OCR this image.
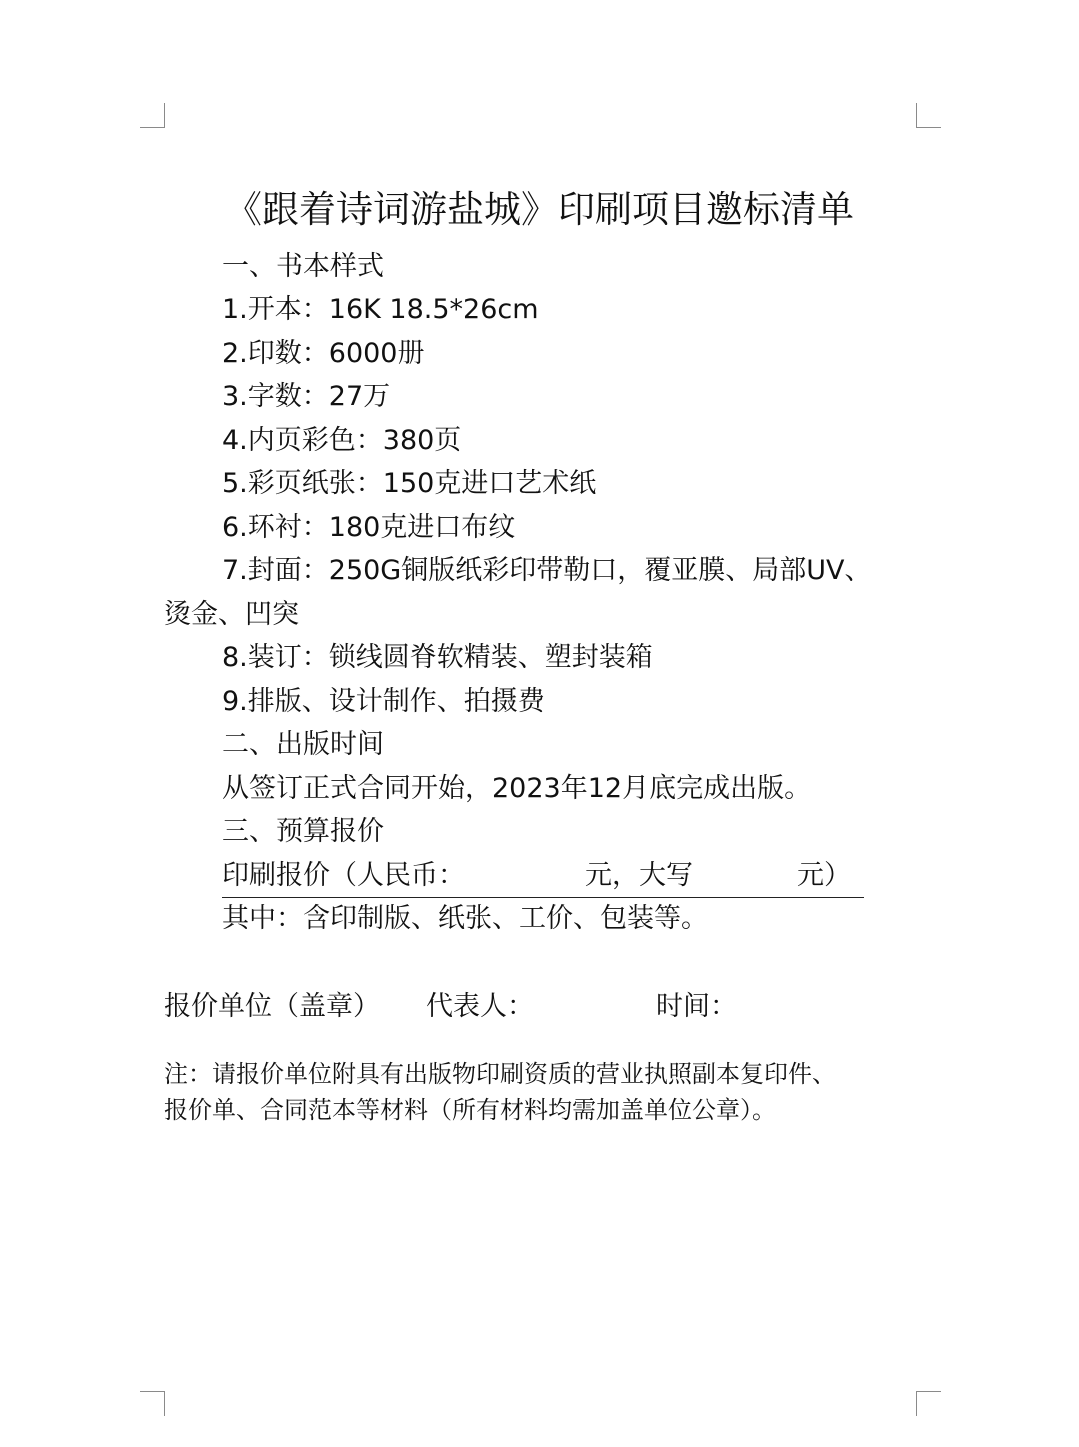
《跟着诗词游盐城》印刷项目邀标清单
一、书本样式
1.开本：16K 18.5*26cm
2.印数：6000册
3.字数：27万
4.内页彩色：380页
5.彩页纸张：150克进口艺术纸
6.环衬：180克进口布纹
7.封面：250G铜版纸彩印带勒口，覆亚膜、局部UV、
烫金、凹突
8.装订：锁线圆脊软精装、塑封装箱
9.排版、设计制作、拍摄费
二、出版时间
从签订正式合同开始，2023年12月底完成出版。
三、预算报价
印刷报价（人民币：	元，大写	元）
其中：含印制版、纸张、工价、包装等。
报价单位（盖章） 代表人：	时间：
注：请报价单位附具有出版物印刷资质的营业执照副本复印件、
报价单、合同范本等材料（所有材料均需加盖单位公章）。
